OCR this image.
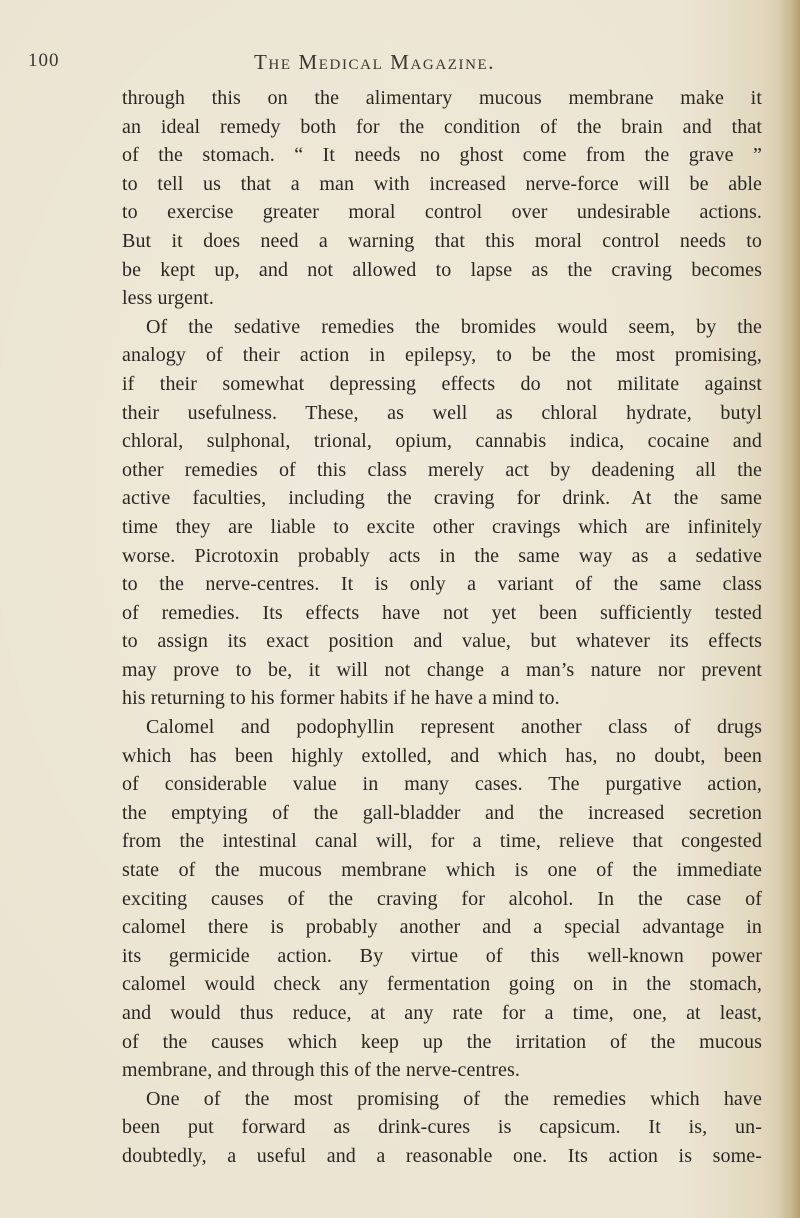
100	The Medical Magazine.
through this on the alimentary mucous membrane make it
an ideal remedy both for the condition of the brain and that
of the stomach. “ It needs no ghost come from the grave ”
to tell us that a man with increased nerve-force will be able
to exercise greater moral control over undesirable actions.
But it does need a warning that this moral control needs to
be kept up, and not allowed to lapse as the craving becomes
less urgent.
Of the sedative remedies the bromides would seem, by the
analogy of their action in epilepsy, to be the most promising,
if their somewhat depressing effects do not militate against
their usefulness. These, as well as chloral hydrate, butyl
chloral, sulphonal, trional, opium, cannabis indica, cocaine and
other remedies of this class merely act by deadening all the
active faculties, including the craving for drink. At the same
time they are liable to excite other cravings which are infinitely
worse. Picrotoxin probably acts in the same way as a sedative
to the nerve-centres. It is only a variant of the same class
of remedies. Its effects have not yet been sufficiently tested
to assign its exact position and value, but whatever its effects
may prove to be, it will not change a man’s nature nor prevent
his returning to his former habits if he have a mind to.
Calomel and podophyllin represent another class of drugs
which has been highly extolled, and which has, no doubt, been
of considerable value in many cases. The purgative action,
the emptying of the gall-bladder and the increased secretion
from the intestinal canal will, for a time, relieve that congested
state of the mucous membrane which is one of the immediate
exciting causes of the craving for alcohol. In the case of
calomel there is probably another and a special advantage in
its germicide action. By virtue of this well-known power
calomel would check any fermentation going on in the stomach,
and would thus reduce, at any rate for a time, one, at least,
of the causes which keep up the irritation of the mucous
membrane, and through this of the nerve-centres.
One of the most promising of the remedies which have
been put forward as drink-cures is capsicum. It is, un-
doubtedly, a useful and a reasonable one. Its action is some-
